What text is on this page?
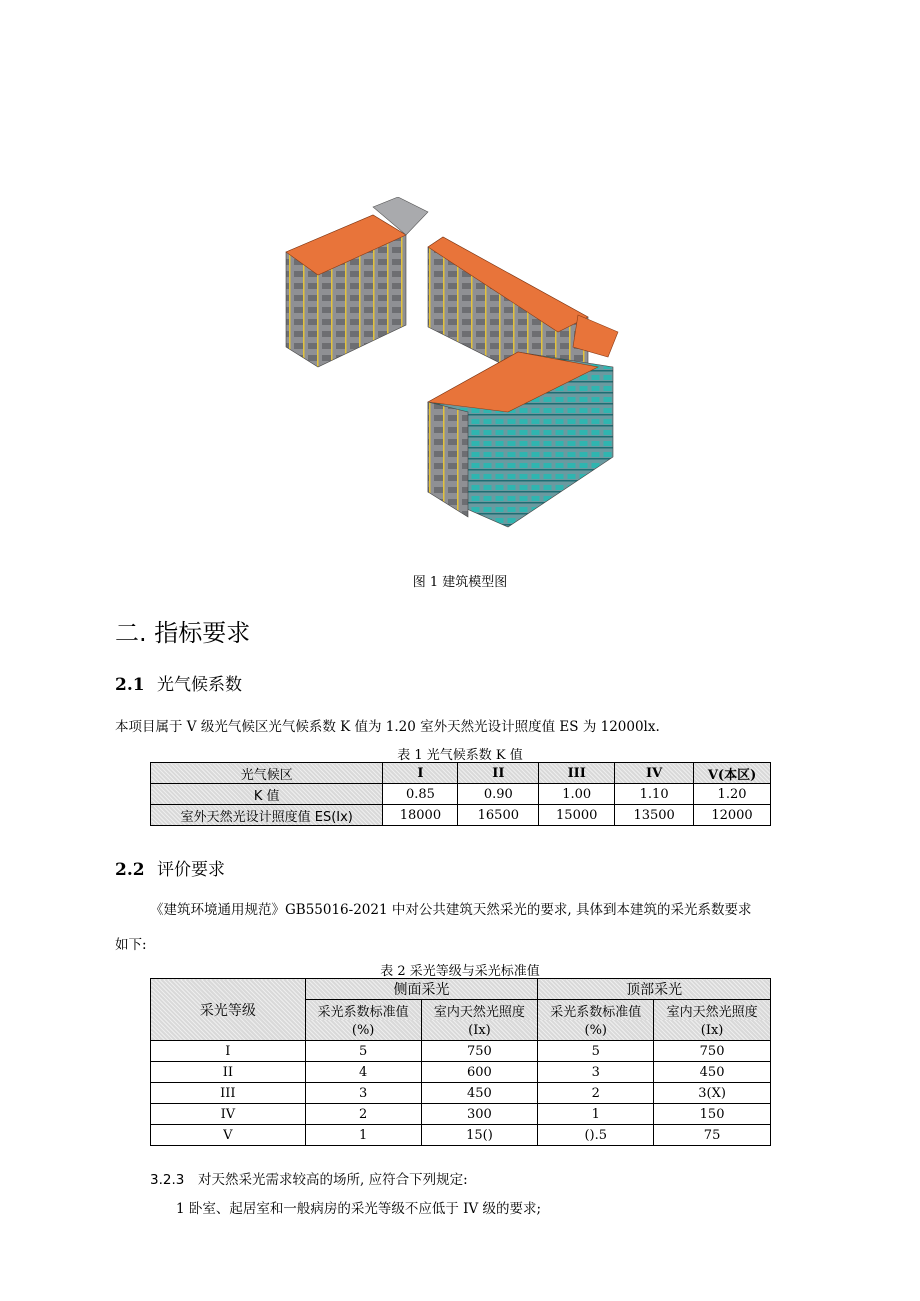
图 1 建筑模型图
二. 指标要求
2.1 光气候系数
本项目属于 V 级光气候区光气候系数 K 值为 1.20 室外天然光设计照度值 ES 为 12000lx.
表 1 光气候系数 K 值
光气候区	I	II	III	IV	V(本区)
K 值	0.85	0.90	1.00	1.10	1.20
室外天然光设计照度值 ES(Ix)	18000	16500	15000	13500	12000
2.2 评价要求
《建筑环境通用规范》GB55016-2021 中对公共建筑天然采光的要求, 具体到本建筑的采光系数要求
如下:
表 2 采光等级与采光标准值
采光等级	侧面采光		顶部采光	
	采光系数标准值	室内天然光照度	采光系数标准值	室内天然光照度
	(%)	(Ix)	(%)	(Ix)
I	5	750	5	750
II	4	600	3	450
III	3	450	2	3(X)
IV	2	300	1	150
V	1	15()	().5	75
3.2.3 对天然采光需求较高的场所, 应符合下列规定:
1 卧室、起居室和一般病房的采光等级不应低于 IV 级的要求;
